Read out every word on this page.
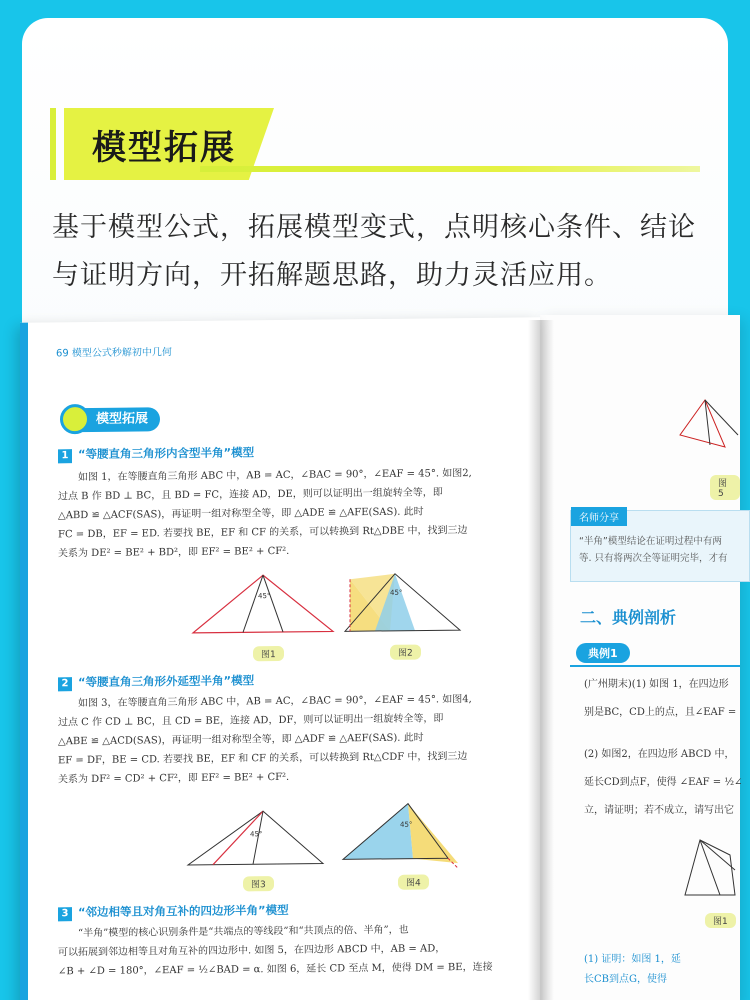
模型拓展
基于模型公式，拓展模型变式，点明核心条件、结论
与证明方向，开拓解题思路，助力灵活应用。
图5
名师分享
“半角”模型结论在证明过程中有两
等. 只有将两次全等证明完毕，才有
二、典例剖析
典例1
(广州期末)(1) 如图 1，在四边形
别是BC，CD上的点，且∠EAF =
(2) 如图2，在四边形 ABCD 中，
延长CD到点F，使得 ∠EAF = ½∠
立，请证明；若不成立，请写出它
图1
(1) 证明：如图 1，延
长CB到点G，使得
69 模型公式秒解初中几何
模型拓展
1 “等腰直角三角形内含型半角”模型
如图 1，在等腰直角三角形 ABC 中，AB = AC，∠BAC = 90°，∠EAF = 45°. 如图2,
过点 B 作 BD ⊥ BC，且 BD = FC，连接 AD，DE，则可以证明出一组旋转全等，即
△ABD ≌ △ACF(SAS)，再证明一组对称型全等，即 △ADE ≌ △AFE(SAS). 此时
FC = DB，EF = ED. 若要找 BE，EF 和 CF 的关系，可以转换到 Rt△DBE 中，找到三边
关系为 DE² = BE² + BD²，即 EF² = BE² + CF².
45°
图1
45°
图2
2 “等腰直角三角形外延型半角”模型
如图 3，在等腰直角三角形 ABC 中，AB = AC，∠BAC = 90°，∠EAF = 45°. 如图4,
过点 C 作 CD ⊥ BC，且 CD = BE，连接 AD，DF，则可以证明出一组旋转全等，即
△ABE ≌ △ACD(SAS)，再证明一组对称型全等，即 △ADF ≌ △AEF(SAS). 此时
EF = DF，BE = CD. 若要找 BE，EF 和 CF 的关系，可以转换到 Rt△CDF 中，找到三边
关系为 DF² = CD² + CF²，即 EF² = BE² + CF².
45°
图3
45°
图4
3 “邻边相等且对角互补的四边形半角”模型
“半角”模型的核心识别条件是“共端点的等线段”和“共顶点的倍、半角”，也
可以拓展到邻边相等且对角互补的四边形中. 如图 5，在四边形 ABCD 中，AB = AD，
∠B + ∠D = 180°，∠EAF = ½∠BAD = α. 如图 6，延长 CD 至点 M，使得 DM = BE，连接
